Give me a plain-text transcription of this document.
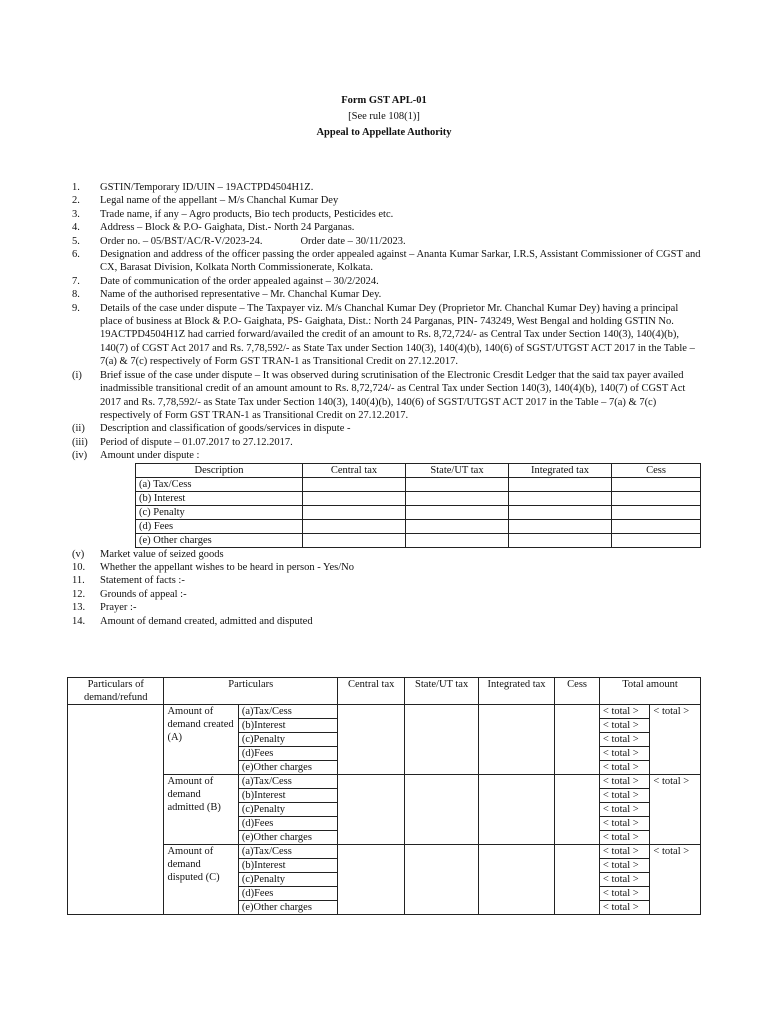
Form GST APL-01
[See rule 108(1)]
Appeal to Appellate Authority
1.	GSTIN/Temporary ID/UIN – 19ACTPD4504H1Z.
2.	Legal name of the appellant – M/s Chanchal Kumar Dey
3.	Trade name, if any – Agro products, Bio tech products, Pesticides etc.
4.	Address – Block & P.O- Gaighata, Dist.- North 24 Parganas.
5.	Order no. – 05/BST/AC/R-V/2023-24.	Order date – 30/11/2023.
6.	Designation and address of the officer passing the order appealed against – Ananta Kumar Sarkar, I.R.S, Assistant Commissioner of CGST and CX, Barasat Division, Kolkata North Commissionerate, Kolkata.
7.	Date of communication of the order appealed against – 30/2/2024.
8.	Name of the authorised representative – Mr. Chanchal Kumar Dey.
9.	Details of the case under dispute – The Taxpayer viz. M/s Chanchal Kumar Dey (Proprietor Mr. Chanchal Kumar Dey) having a principal place of business at Block & P.O- Gaighata, PS- Gaighata, Dist.: North 24 Parganas, PIN- 743249, West Bengal and holding GSTIN No. 19ACTPD4504H1Z had carried forward/availed the credit of an amount to Rs. 8,72,724/- as Central Tax under Section 140(3), 140(4)(b), 140(7) of CGST Act 2017 and Rs. 7,78,592/- as State Tax under Section 140(3), 140(4)(b), 140(6) of SGST/UTGST ACT 2017 in the Table – 7(a) & 7(c) respectively of Form GST TRAN-1 as Transitional Credit on 27.12.2017.
(i)	Brief issue of the case under dispute – It was observed during scrutinisation of the Electronic Cresdit Ledger that the said tax payer availed inadmissible transitional credit of an amount amount to Rs. 8,72,724/- as Central Tax under Section 140(3), 140(4)(b), 140(7) of CGST Act 2017 and Rs. 7,78,592/- as State Tax under Section 140(3), 140(4)(b), 140(6) of SGST/UTGST ACT 2017 in the Table – 7(a) & 7(c) respectively of Form GST TRAN-1 as Transitional Credit on 27.12.2017.
(ii)	Description and classification of goods/services in dispute -
(iii)	Period of dispute – 01.07.2017 to 27.12.2017.
(iv)	Amount under dispute :
Description	Central tax	State/UT tax	Integrated tax	Cess
(a) Tax/Cess				
(b) Interest				
(c) Penalty				
(d) Fees				
(e) Other charges				
(v)	Market value of seized goods
10.	Whether the appellant wishes to be heard in person - Yes/No
11.	Statement of facts :-
12.	Grounds of appeal :-
13.	Prayer :-
14.	Amount of demand created, admitted and disputed
Particulars of demand/refund	Particulars		Central tax	State/UT tax	Integrated tax	Cess	Total amount	
	Amount of demand created (A)	(a)Tax/Cess					< total >	< total >
		(b)Interest					< total >	
		(c)Penalty					< total >	
		(d)Fees					< total >	
		(e)Other charges					< total >	
	Amount of demand admitted (B)	(a)Tax/Cess					< total >	< total >
		(b)Interest					< total >	
		(c)Penalty					< total >	
		(d)Fees					< total >	
		(e)Other charges					< total >	
	Amount of demand disputed (C)	(a)Tax/Cess					< total >	< total >
		(b)Interest					< total >	
		(c)Penalty					< total >	
		(d)Fees					< total >	
		(e)Other charges					< total >	
